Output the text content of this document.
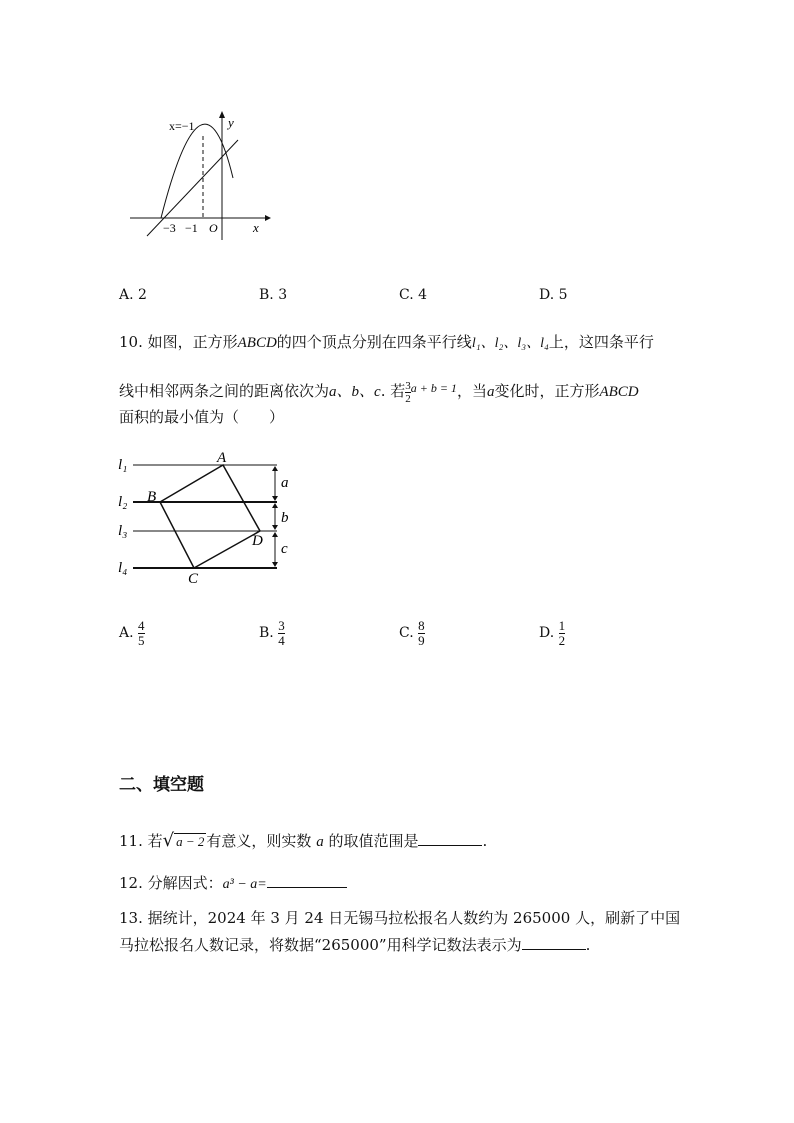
x=−1	y
x
−3 −1 O
A. 2	B. 3	C. 4	D. 5
10. 如图，正方形ABCD的四个顶点分别在四条平行线l₁、l₂、l₃、l₄上，这四条平行
线中相邻两条之间的距离依次为a、b、c. 若 $\frac{3}{2} ^{a + b = 1}$，当a变化时，正方形ABCD
面积的最小值为（　　）
l₁
l₂
l₃
l₄
A
B
C
D
a
b
c
A. $\frac{4}{5}$	B. $\frac{3}{4}$	C. $\frac{8}{9}$	D. $\frac{1}{2}$
二、填空题
11. 若√ a − 2 有意义，则实数 a 的取值范围是	.
12. 分解因式：a³ − a=
13. 据统计，2024 年 3 月 24 日无锡马拉松报名人数约为 265000 人，刷新了中国
马拉松报名人数记录，将数据“265000”用科学记数法表示为	.
